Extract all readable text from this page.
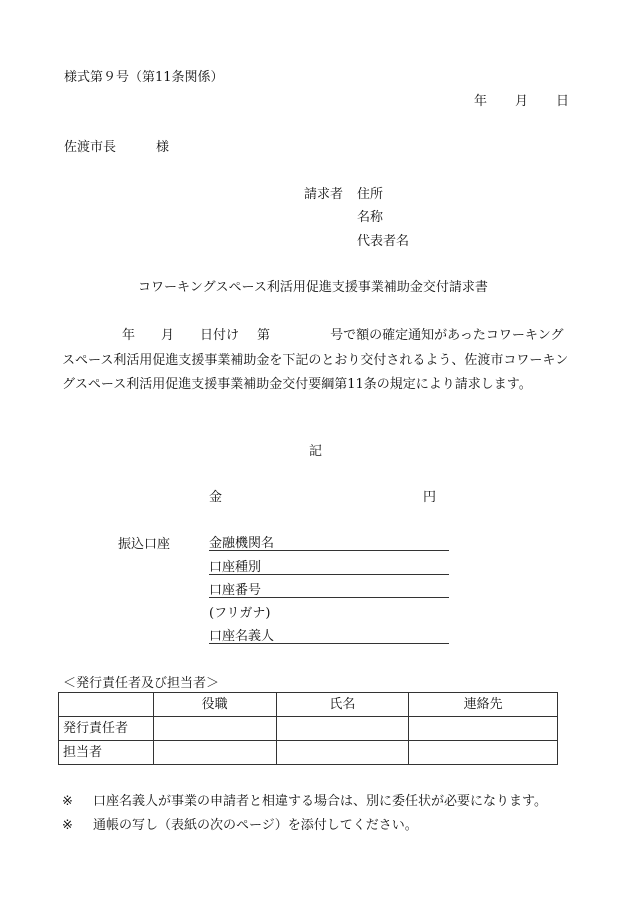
様式第９号（第11条関係）
年 月 日
佐渡市長	様
請求者 住所
名称
代表者名
コワーキングスペース利活用促進支援事業補助金交付請求書
年 月 日付け 第	号で額の確定通知があったコワーキングスペース利活用促進支援事業補助金を下記のとおり交付されるよう、佐渡市コワーキングスペース利活用促進支援事業補助金交付要綱第11条の規定により請求します。
記
金	円
振込口座	金融機関名
口座種別
口座番号
(フリガナ)
口座名義人
＜発行責任者及び担当者＞
	役職	氏名	連絡先
発行責任者			
担当者			
※ 口座名義人が事業の申請者と相違する場合は、別に委任状が必要になります。
※ 通帳の写し（表紙の次のページ）を添付してください。
